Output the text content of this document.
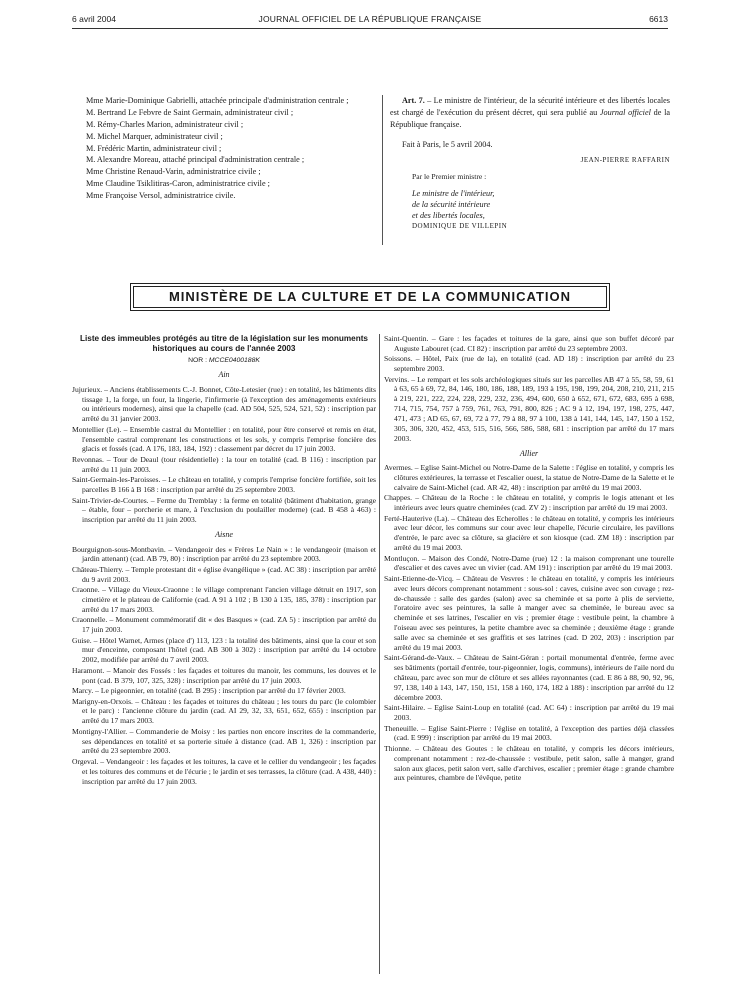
6 avril 2004	JOURNAL OFFICIEL DE LA RÉPUBLIQUE FRANÇAISE	6613

Mme Marie-Dominique Gabrielli, attachée principale d'administration centrale ;

M. Bertrand Le Febvre de Saint Germain, administrateur civil ;

M. Rémy-Charles Marion, administrateur civil ;

M. Michel Marquer, administrateur civil ;

M. Frédéric Martin, administrateur civil ;

M. Alexandre Moreau, attaché principal d'administration centrale ;

Mme Christine Renaud-Varin, administratrice civile ;

Mme Claudine Tsiklitiras-Caron, administratrice civile ;

Mme Françoise Versol, administratrice civile.

Art. 7. – Le ministre de l'intérieur, de la sécurité intérieure et des libertés locales est chargé de l'exécution du présent décret, qui sera publié au Journal officiel de la République française.

Fait à Paris, le 5 avril 2004.

JEAN-PIERRE RAFFARIN
Par le Premier ministre :
Le ministre de l'intérieur,
de la sécurité intérieure
et des libertés locales,
DOMINIQUE DE VILLEPIN
MINISTÈRE DE LA CULTURE ET DE LA COMMUNICATION
Liste des immeubles protégés au titre de la législation sur les monuments historiques au cours de l'année 2003
NOR : MCCE0400188K
Ain
Jujurieux. – Anciens établissements C.-J. Bonnet, Côte-Letesier (rue) : en totalité, les bâtiments dits tissage 1, la forge, un four, la lingerie, l'infirmerie (à l'exception des aménagements extérieurs ou intérieurs modernes), ainsi que la chapelle (cad. AD 504, 525, 524, 521, 52) : inscription par arrêté du 31 janvier 2003.
Montellier (Le). – Ensemble castral du Montellier : en totalité, pour être conservé et remis en état, l'ensemble castral comprenant les constructions et les sols, y compris l'emprise foncière des glacis et fossés (cad. A 176, 183, 184, 192) : classement par décret du 17 juin 2003.
Revonnas. – Tour de Deaul (tour résidentielle) : la tour en totalité (cad. B 116) : inscription par arrêté du 11 juin 2003.
Saint-Germain-les-Paroisses. – Le château en totalité, y compris l'emprise foncière fortifiée, soit les parcelles B 166 à B 168 : inscription par arrêté du 25 septembre 2003.
Saint-Trivier-de-Courtes. – Ferme du Tremblay : la ferme en totalité (bâtiment d'habitation, grange – étable, four – porcherie et mare, à l'exclusion du poulailler moderne) (cad. B 458 à 463) : inscription par arrêté du 11 juin 2003.
Aisne
Bourguignon-sous-Montbavin. – Vendangeoir des « Frères Le Nain » : le vendangeoir (maison et jardin attenant) (cad. AB 79, 80) : inscription par arrêté du 23 septembre 2003.
Château-Thierry. – Temple protestant dit « église évangélique » (cad. AC 38) : inscription par arrêté du 9 avril 2003.
Craonne. – Village du Vieux-Craonne : le village comprenant l'ancien village détruit en 1917, son cimetière et le plateau de Californie (cad. A 91 à 102 ; B 130 à 135, 185, 378) : inscription par arrêté du 17 mars 2003.
Craonnelle. – Monument commémoratif dit « des Basques » (cad. ZA 5) : inscription par arrêté du 17 juin 2003.
Guise. – Hôtel Warnet, Armes (place d') 113, 123 : la totalité des bâtiments, ainsi que la cour et son mur d'enceinte, composant l'hôtel (cad. AB 300 à 302) : inscription par arrêté du 14 octobre 2002, modifiée par arrêté du 7 avril 2003.
Haramont. – Manoir des Fossés : les façades et toitures du manoir, les communs, les douves et le pont (cad. B 379, 107, 325, 328) : inscription par arrêté du 17 juin 2003.
Marcy. – Le pigeonnier, en totalité (cad. B 295) : inscription par arrêté du 17 février 2003.
Marigny-en-Orxois. – Château : les façades et toitures du château ; les tours du parc (le colombier et le parc) : l'ancienne clôture du jardin (cad. AI 29, 32, 33, 651, 652, 655) : inscription par arrêté du 17 mars 2003.
Montigny-l'Allier. – Commanderie de Moisy : les parties non encore inscrites de la commanderie, ses dépendances en totalité et sa porterie située à distance (cad. AB 1, 326) : inscription par arrêté du 23 septembre 2003.
Orgeval. – Vendangeoir : les façades et les toitures, la cave et le cellier du vendangeoir ; les façades et les toitures des communs et de l'écurie ; le jardin et ses terrasses, la clôture (cad. A 438, 440) : inscription par arrêté du 17 juin 2003.
Saint-Quentin. – Gare : les façades et toitures de la gare, ainsi que son buffet décoré par Auguste Labouret (cad. CI 82) : inscription par arrêté du 23 septembre 2003.
Soissons. – Hôtel, Paix (rue de la), en totalité (cad. AD 18) : inscription par arrêté du 23 septembre 2003.
Vervins. – Le rempart et les sols archéologiques situés sur les parcelles AB 47 à 55, 58, 59, 61 à 63, 65 à 69, 72, 84, 146, 180, 186, 188, 189, 193 à 195, 198, 199, 204, 208, 210, 211, 215 à 219, 221, 222, 224, 228, 229, 232, 236, 494, 600, 650 à 652, 671, 672, 683, 695 à 698, 714, 715, 754, 757 à 759, 761, 763, 791, 800, 826 ; AC 9 à 12, 194, 197, 198, 275, 447, 471, 473 ; AD 65, 67, 69, 72 à 77, 79 à 88, 97 à 100, 138 à 141, 144, 145, 147, 150 à 152, 305, 306, 320, 452, 453, 515, 516, 566, 586, 588, 681 : inscription par arrêté du 17 mars 2003.
Allier
Avermes. – Eglise Saint-Michel ou Notre-Dame de la Salette : l'église en totalité, y compris les clôtures extérieures, la terrasse et l'escalier ouest, la statue de Notre-Dame de la Salette et le calvaire de Saint-Michel (cad. AR 42, 48) : inscription par arrêté du 19 mai 2003.
Chappes. – Château de la Roche : le château en totalité, y compris le logis attenant et les intérieurs avec leurs quatre cheminées (cad. ZV 2) : inscription par arrêté du 19 mai 2003.
Ferté-Hauterive (La). – Château des Echerolles : le château en totalité, y compris les intérieurs avec leur décor, les communs sur cour avec leur chapelle, l'écurie circulaire, les pavillons d'entrée, le parc avec sa clôture, sa glacière et son kiosque (cad. ZM 18) : inscription par arrêté du 19 mai 2003.
Montluçon. – Maison des Condé, Notre-Dame (rue) 12 : la maison comprenant une tourelle d'escalier et des caves avec un vivier (cad. AM 191) : inscription par arrêté du 19 mai 2003.
Saint-Etienne-de-Vicq. – Château de Vesvres : le château en totalité, y compris les intérieurs avec leurs décors comprenant notamment : sous-sol : caves, cuisine avec son cuvage ; rez-de-chaussée : salle des gardes (salon) avec sa cheminée et sa porte à plis de serviette, l'oratoire avec ses peintures, la salle à manger avec sa cheminée, le bureau avec sa cheminée et ses latrines, l'escalier en vis ; premier étage : vestibule peint, la chambre à l'oiseau avec ses peintures, la petite chambre avec sa cheminée ; deuxième étage : grande salle avec sa cheminée et ses graffitis et ses latrines (cad. D 202, 203) : inscription par arrêté du 19 mai 2003.
Saint-Gérand-de-Vaux. – Château de Saint-Géran : portail monumental d'entrée, ferme avec ses bâtiments (portail d'entrée, tour-pigeonnier, logis, communs), intérieurs de l'aile nord du château, parc avec son mur de clôture et ses allées rayonnantes (cad. E 86 à 88, 90, 92, 96, 97, 138, 140 à 143, 147, 150, 151, 158 à 160, 174, 182 à 188) : inscription par arrêté du 12 décembre 2003.
Saint-Hilaire. – Eglise Saint-Loup en totalité (cad. AC 64) : inscription par arrêté du 19 mai 2003.
Theneuille. – Eglise Saint-Pierre : l'église en totalité, à l'exception des parties déjà classées (cad. E 999) : inscription par arrêté du 19 mai 2003.
Thionne. – Château des Goutes : le château en totalité, y compris les décors intérieurs, comprenant notamment : rez-de-chaussée : vestibule, petit salon, salle à manger, grand salon aux glaces, petit salon vert, salle d'archives, escalier ; premier étage : grande chambre aux peintures, chambre de l'évêque, petite
